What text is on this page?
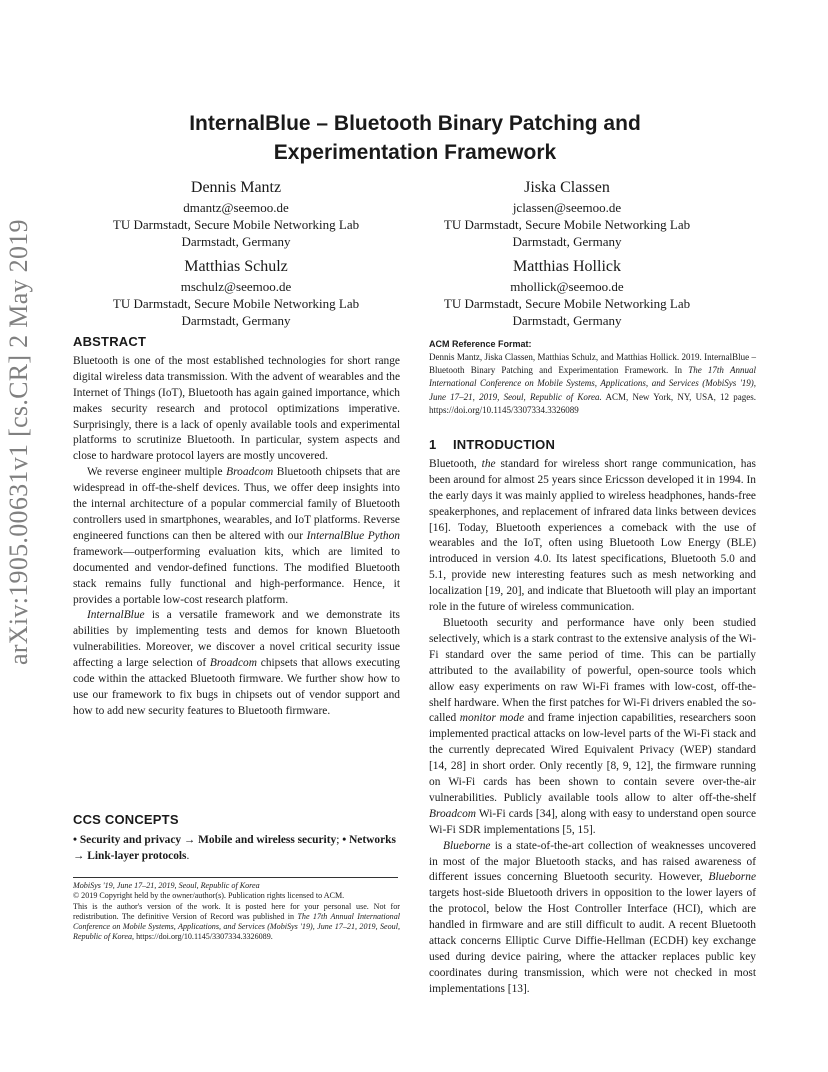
arXiv:1905.00631v1 [cs.CR] 2 May 2019
InternalBlue – Bluetooth Binary Patching and
Experimentation Framework
Dennis Mantz
dmantz@seemoo.de
TU Darmstadt, Secure Mobile Networking Lab
Darmstadt, Germany
Jiska Classen
jclassen@seemoo.de
TU Darmstadt, Secure Mobile Networking Lab
Darmstadt, Germany
Matthias Schulz
mschulz@seemoo.de
TU Darmstadt, Secure Mobile Networking Lab
Darmstadt, Germany
Matthias Hollick
mhollick@seemoo.de
TU Darmstadt, Secure Mobile Networking Lab
Darmstadt, Germany
ABSTRACT

Bluetooth is one of the most established technologies for short range digital wireless data transmission. With the advent of wearables and the Internet of Things (IoT), Bluetooth has again gained importance, which makes security research and protocol optimizations imperative. Surprisingly, there is a lack of openly available tools and experimental platforms to scrutinize Bluetooth. In particular, system aspects and close to hardware protocol layers are mostly uncovered.

We reverse engineer multiple Broadcom Bluetooth chipsets that are widespread in off-the-shelf devices. Thus, we offer deep insights into the internal architecture of a popular commercial family of Bluetooth controllers used in smartphones, wearables, and IoT platforms. Reverse engineered functions can then be altered with our InternalBlue Python framework—outperforming evaluation kits, which are limited to documented and vendor-defined functions. The modified Bluetooth stack remains fully functional and high-performance. Hence, it provides a portable low-cost research platform.

InternalBlue is a versatile framework and we demonstrate its abilities by implementing tests and demos for known Bluetooth vulnerabilities. Moreover, we discover a novel critical security issue affecting a large selection of Broadcom chipsets that allows executing code within the attacked Bluetooth firmware. We further show how to use our framework to fix bugs in chipsets out of vendor support and how to add new security features to Bluetooth firmware.

CCS CONCEPTS
• Security and privacy → Mobile and wireless security; • Networks → Link-layer protocols.
MobiSys '19, June 17–21, 2019, Seoul, Republic of Korea
© 2019 Copyright held by the owner/author(s). Publication rights licensed to ACM.
This is the author's version of the work. It is posted here for your personal use. Not for redistribution. The definitive Version of Record was published in The 17th Annual International Conference on Mobile Systems, Applications, and Services (MobiSys '19), June 17–21, 2019, Seoul, Republic of Korea, https://doi.org/10.1145/3307334.3326089.
ACM Reference Format:
Dennis Mantz, Jiska Classen, Matthias Schulz, and Matthias Hollick. 2019. InternalBlue – Bluetooth Binary Patching and Experimentation Framework. In The 17th Annual International Conference on Mobile Systems, Applications, and Services (MobiSys '19), June 17–21, 2019, Seoul, Republic of Korea. ACM, New York, NY, USA, 12 pages. https://doi.org/10.1145/3307334.3326089
1 INTRODUCTION

Bluetooth, the standard for wireless short range communication, has been around for almost 25 years since Ericsson developed it in 1994. In the early days it was mainly applied to wireless headphones, hands-free speakerphones, and replacement of infrared data links between devices [16]. Today, Bluetooth experiences a comeback with the use of wearables and the IoT, often using Bluetooth Low Energy (BLE) introduced in version 4.0. Its latest specifications, Bluetooth 5.0 and 5.1, provide new interesting features such as mesh networking and localization [19, 20], and indicate that Bluetooth will play an important role in the future of wireless communication.

Bluetooth security and performance have only been studied selectively, which is a stark contrast to the extensive analysis of the Wi-Fi standard over the same period of time. This can be partially attributed to the availability of powerful, open-source tools which allow easy experiments on raw Wi-Fi frames with low-cost, off-the-shelf hardware. When the first patches for Wi-Fi drivers enabled the so-called monitor mode and frame injection capabilities, researchers soon implemented practical attacks on low-level parts of the Wi-Fi stack and the currently deprecated Wired Equivalent Privacy (WEP) standard [14, 28] in short order. Only recently [8, 9, 12], the firmware running on Wi-Fi cards has been shown to contain severe over-the-air vulnerabilities. Publicly available tools allow to alter off-the-shelf Broadcom Wi-Fi cards [34], along with easy to understand open source Wi-Fi SDR implementations [5, 15].

Blueborne is a state-of-the-art collection of weaknesses uncovered in most of the major Bluetooth stacks, and has raised awareness of different issues concerning Bluetooth security. However, Blueborne targets host-side Bluetooth drivers in opposition to the lower layers of the protocol, below the Host Controller Interface (HCI), which are handled in firmware and are still difficult to audit. A recent Bluetooth attack concerns Elliptic Curve Diffie-Hellman (ECDH) key exchange used during device pairing, where the attacker replaces public key coordinates during transmission, which were not checked in most implementations [13].
